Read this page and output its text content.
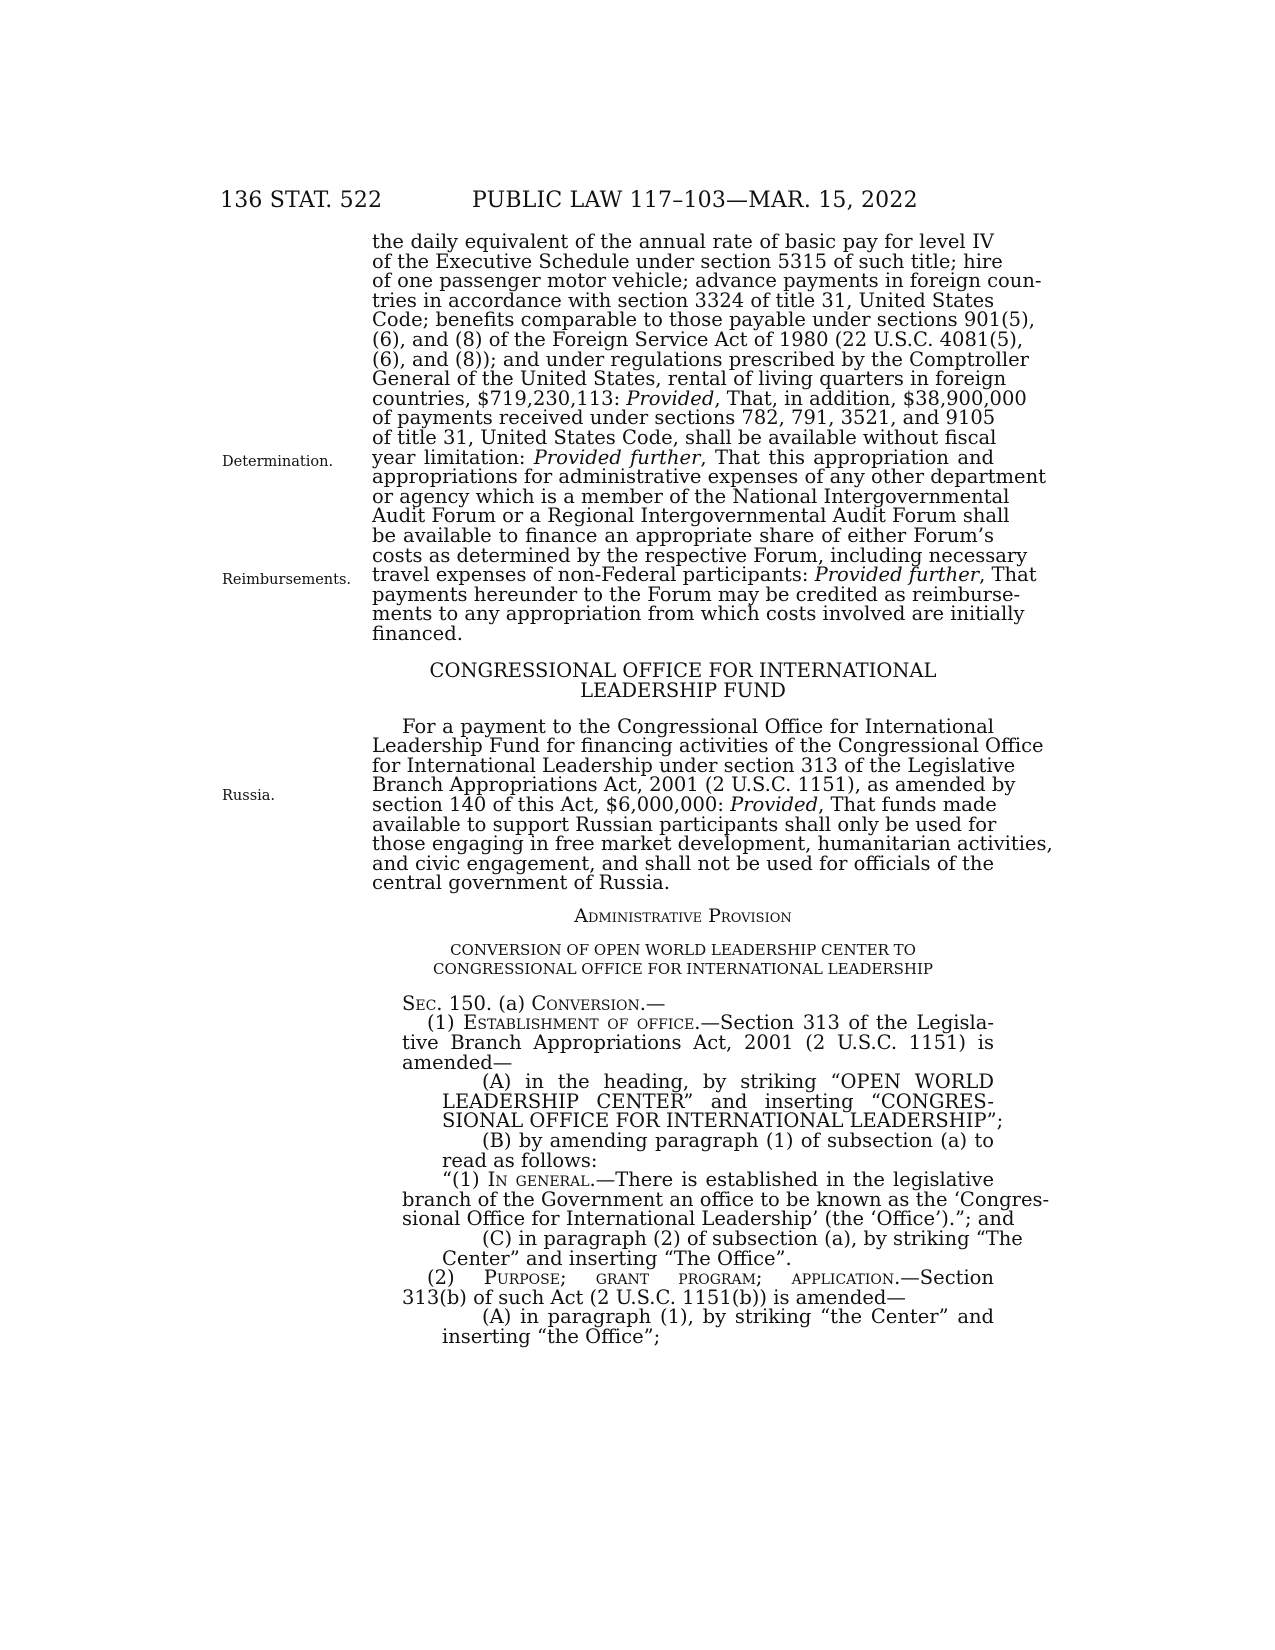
136 STAT. 522	PUBLIC LAW 117–103—MAR. 15, 2022
Determination.
Reimbursements.
Russia.
the daily equivalent of the annual rate of basic pay for level IV
of the Executive Schedule under section 5315 of such title; hire
of one passenger motor vehicle; advance payments in foreign coun-
tries in accordance with section 3324 of title 31, United States
Code; benefits comparable to those payable under sections 901(5),
(6), and (8) of the Foreign Service Act of 1980 (22 U.S.C. 4081(5),
(6), and (8)); and under regulations prescribed by the Comptroller
General of the United States, rental of living quarters in foreign
countries, $719,230,113: Provided, That, in addition, $38,900,000
of payments received under sections 782, 791, 3521, and 9105
of title 31, United States Code, shall be available without fiscal
year limitation: Provided further, That this appropriation and
appropriations for administrative expenses of any other department
or agency which is a member of the National Intergovernmental
Audit Forum or a Regional Intergovernmental Audit Forum shall
be available to finance an appropriate share of either Forum’s
costs as determined by the respective Forum, including necessary
travel expenses of non-Federal participants: Provided further, That
payments hereunder to the Forum may be credited as reimburse-
ments to any appropriation from which costs involved are initially
financed.
CONGRESSIONAL OFFICE FOR INTERNATIONAL
LEADERSHIP FUND
For a payment to the Congressional Office for International
Leadership Fund for financing activities of the Congressional Office
for International Leadership under section 313 of the Legislative
Branch Appropriations Act, 2001 (2 U.S.C. 1151), as amended by
section 140 of this Act, $6,000,000: Provided, That funds made
available to support Russian participants shall only be used for
those engaging in free market development, humanitarian activities,
and civic engagement, and shall not be used for officials of the
central government of Russia.
Administrative Provision
CONVERSION OF OPEN WORLD LEADERSHIP CENTER TO
CONGRESSIONAL OFFICE FOR INTERNATIONAL LEADERSHIP
Sec. 150. (a) Conversion.—
(1) Establishment of office.—Section 313 of the Legisla-
tive Branch Appropriations Act, 2001 (2 U.S.C. 1151) is
amended—
(A) in the heading, by striking “OPEN WORLD
LEADERSHIP CENTER” and inserting “CONGRES-
SIONAL OFFICE FOR INTERNATIONAL LEADERSHIP”;
(B) by amending paragraph (1) of subsection (a) to
read as follows:
“(1) In general.—There is established in the legislative
branch of the Government an office to be known as the ‘Congres-
sional Office for International Leadership’ (the ‘Office’).”; and
(C) in paragraph (2) of subsection (a), by striking “The
Center” and inserting “The Office”.
(2) Purpose; grant program; application.—Section
313(b) of such Act (2 U.S.C. 1151(b)) is amended—
(A) in paragraph (1), by striking “the Center” and
inserting “the Office”;
